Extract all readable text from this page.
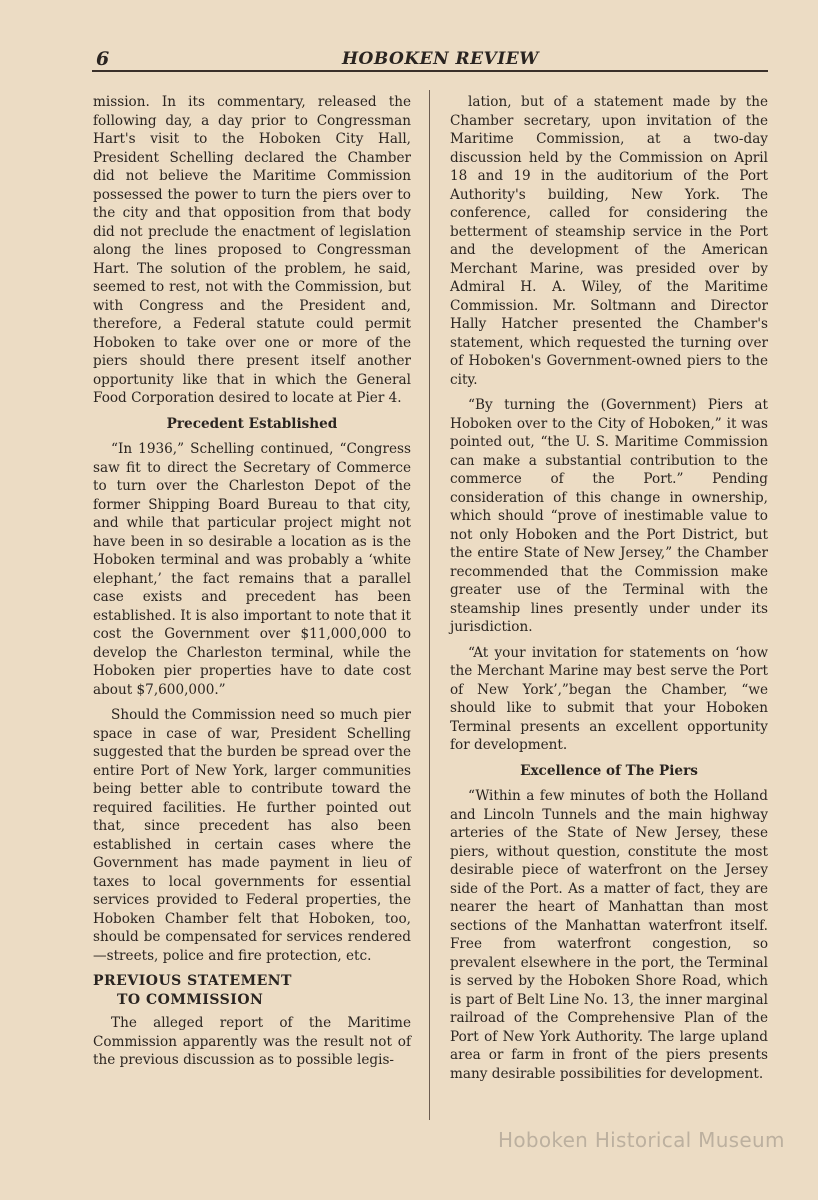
6	HOBOKEN REVIEW

mission. In its commentary, released the following day, a day prior to Congressman Hart's visit to the Hoboken City Hall, President Schelling declared the Chamber did not believe the Maritime Commission possessed the power to turn the piers over to the city and that opposition from that body did not preclude the enactment of legislation along the lines proposed to Congressman Hart. The solution of the problem, he said, seemed to rest, not with the Commission, but with Congress and the President and, therefore, a Federal statute could permit Hoboken to take over one or more of the piers should there present itself another opportunity like that in which the General Food Corporation desired to locate at Pier 4.

Precedent Established

“In 1936,” Schelling continued, “Congress saw fit to direct the Secretary of Commerce to turn over the Charleston Depot of the former Shipping Board Bureau to that city, and while that particular project might not have been in so desirable a location as is the Hoboken terminal and was probably a ‘white elephant,’ the fact remains that a parallel case exists and precedent has been established. It is also important to note that it cost the Government over $11,000,000 to develop the Charleston terminal, while the Hoboken pier properties have to date cost about $7,600,000.”

Should the Commission need so much pier space in case of war, President Schelling suggested that the burden be spread over the entire Port of New York, larger communities being better able to contribute toward the required facilities. He further pointed out that, since precedent has also been established in certain cases where the Government has made payment in lieu of taxes to local governments for essential services provided to Federal properties, the Hoboken Chamber felt that Hoboken, too, should be compensated for services rendered—streets, police and fire protection, etc.

PREVIOUS STATEMENT
TO COMMISSION

The alleged report of the Maritime Commission apparently was the result not of the previous discussion as to possible legis-

lation, but of a statement made by the Chamber secretary, upon invitation of the Maritime Commission, at a two-day discussion held by the Commission on April 18 and 19 in the auditorium of the Port Authority's building, New York. The conference, called for considering the betterment of steamship service in the Port and the development of the American Merchant Marine, was presided over by Admiral H. A. Wiley, of the Maritime Commission. Mr. Soltmann and Director Hally Hatcher presented the Chamber's statement, which requested the turning over of Hoboken's Government-owned piers to the city.

“By turning the (Government) Piers at Hoboken over to the City of Hoboken,” it was pointed out, “the U. S. Maritime Commission can make a substantial contribution to the commerce of the Port.” Pending consideration of this change in ownership, which should “prove of inestimable value to not only Hoboken and the Port District, but the entire State of New Jersey,” the Chamber recommended that the Commission make greater use of the Terminal with the steamship lines presently under under its jurisdiction.

“At your invitation for statements on ‘how the Merchant Marine may best serve the Port of New York’,”began the Chamber, “we should like to submit that your Hoboken Terminal presents an excellent opportunity for development.

Excellence of The Piers

“Within a few minutes of both the Holland and Lincoln Tunnels and the main highway arteries of the State of New Jersey, these piers, without question, constitute the most desirable piece of waterfront on the Jersey side of the Port. As a matter of fact, they are nearer the heart of Manhattan than most sections of the Manhattan waterfront itself. Free from waterfront congestion, so prevalent elsewhere in the port, the Terminal is served by the Hoboken Shore Road, which is part of Belt Line No. 13, the inner marginal railroad of the Comprehensive Plan of the Port of New York Authority. The large upland area or farm in front of the piers presents many desirable possibilities for development.

Hoboken Historical Museum
